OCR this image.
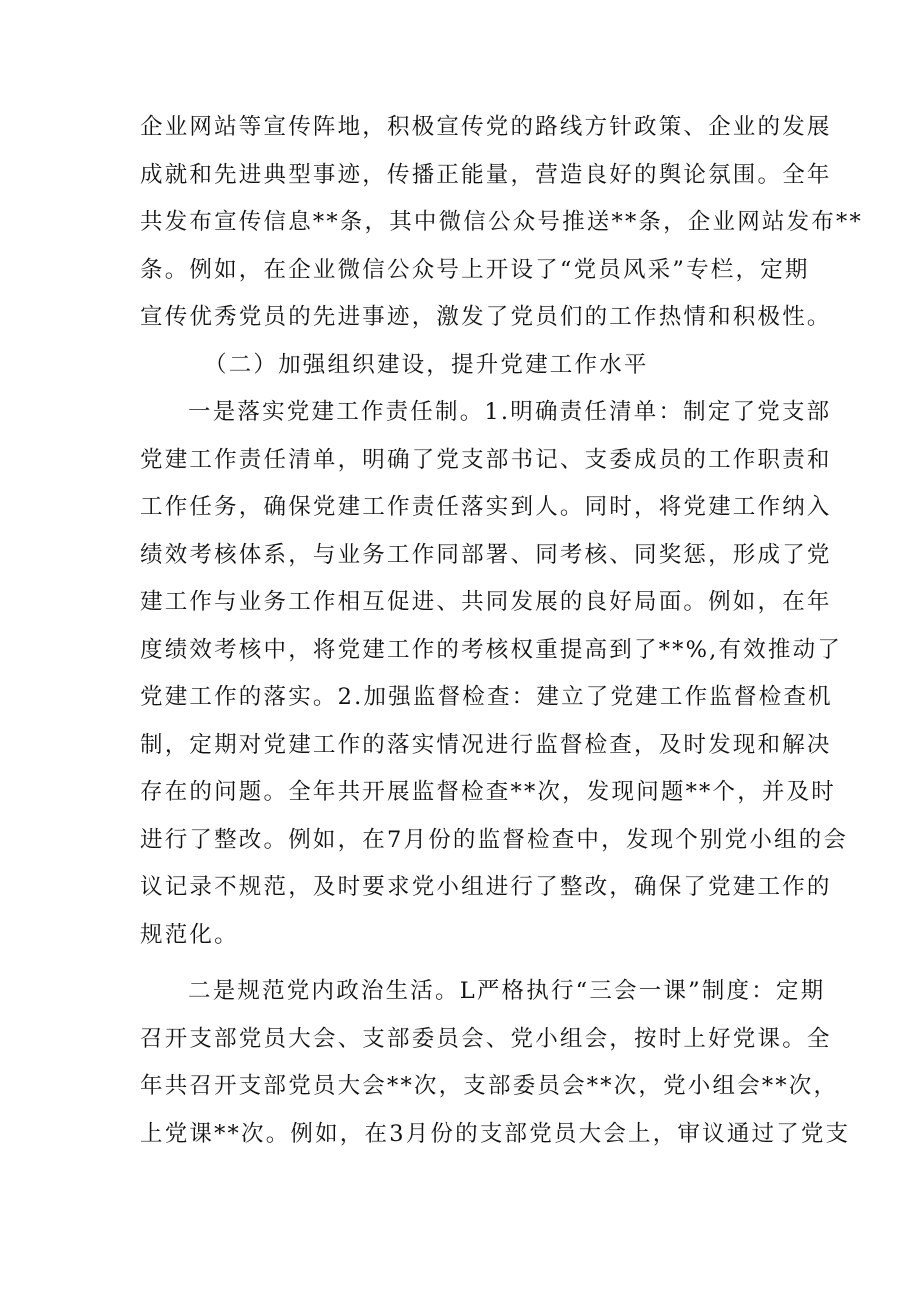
企业网站等宣传阵地，积极宣传党的路线方针政策、企业的发展
成就和先进典型事迹，传播正能量，营造良好的舆论氛围。全年
共发布宣传信息**条，其中微信公众号推送**条，企业网站发布**
条。例如，在企业微信公众号上开设了“党员风采”专栏，定期
宣传优秀党员的先进事迹，激发了党员们的工作热情和积极性。
（二）加强组织建设，提升党建工作水平
一是落实党建工作责任制。1.明确责任清单：制定了党支部
党建工作责任清单，明确了党支部书记、支委成员的工作职责和
工作任务，确保党建工作责任落实到人。同时，将党建工作纳入
绩效考核体系，与业务工作同部署、同考核、同奖惩，形成了党
建工作与业务工作相互促进、共同发展的良好局面。例如，在年
度绩效考核中，将党建工作的考核权重提高到了**%,有效推动了
党建工作的落实。2.加强监督检查：建立了党建工作监督检查机
制，定期对党建工作的落实情况进行监督检查，及时发现和解决
存在的问题。全年共开展监督检查**次，发现问题**个，并及时
进行了整改。例如，在7月份的监督检查中，发现个别党小组的会
议记录不规范，及时要求党小组进行了整改，确保了党建工作的
规范化。
二是规范党内政治生活。L严格执行“三会一课”制度：定期
召开支部党员大会、支部委员会、党小组会，按时上好党课。全
年共召开支部党员大会**次，支部委员会**次，党小组会**次，
上党课**次。例如，在3月份的支部党员大会上，审议通过了党支
